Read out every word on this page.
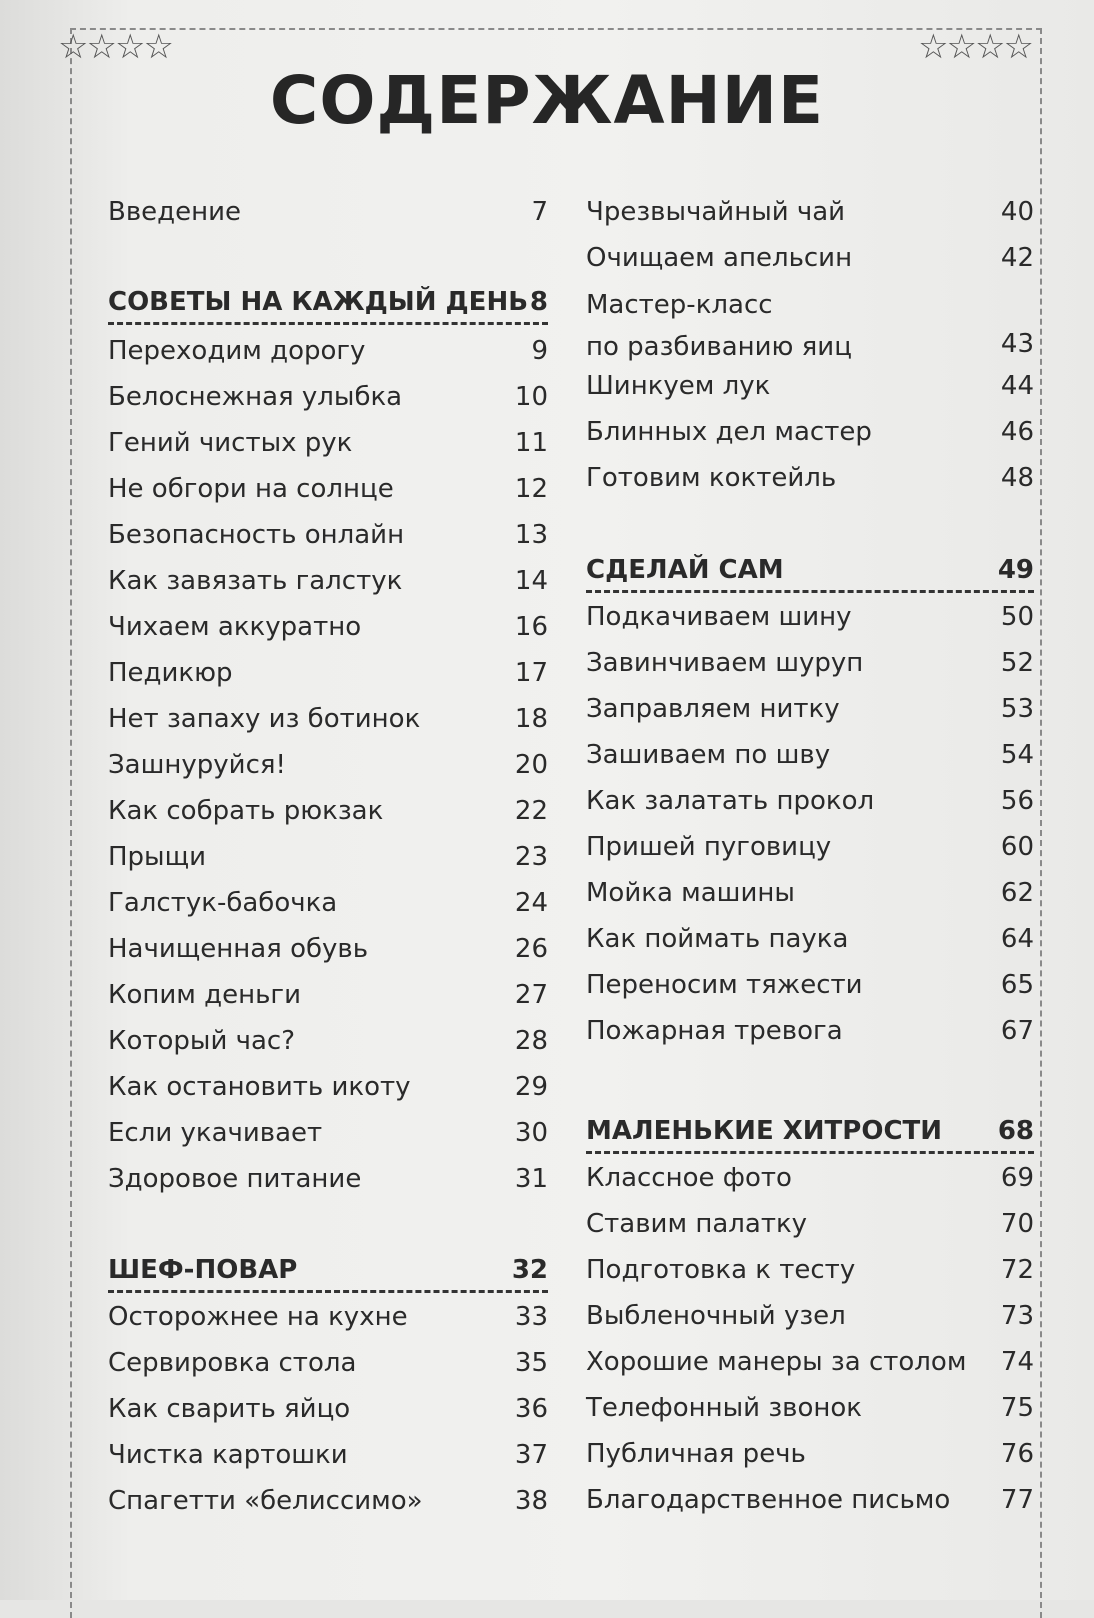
☆☆☆☆	☆☆☆☆
СОДЕРЖАНИЕ
Введение	7
СОВЕТЫ НА КАЖДЫЙ ДЕНЬ 8
Переходим дорогу	9
Белоснежная улыбка	10
Гений чистых рук	11
Не обгори на солнце	12
Безопасность онлайн	13
Как завязать галстук	14
Чихаем аккуратно	16
Педикюр	17
Нет запаху из ботинок	18
Зашнуруйся!	20
Как собрать рюкзак	22
Прыщи	23
Галстук-бабочка	24
Начищенная обувь	26
Копим деньги	27
Который час?	28
Как остановить икоту	29
Если укачивает	30
Здоровое питание	31
ШЕФ-ПОВАР	32
Осторожнее на кухне	33
Сервировка стола	35
Как сварить яйцо	36
Чистка картошки	37
Спагетти «белиссимо»	38
Чрезвычайный чай	40
Очищаем апельсин	42
Мастер-класс
по разбиванию яиц	43
Шинкуем лук	44
Блинных дел мастер	46
Готовим коктейль	48
СДЕЛАЙ САМ	49
Подкачиваем шину	50
Завинчиваем шуруп	52
Заправляем нитку	53
Зашиваем по шву	54
Как залатать прокол	56
Пришей пуговицу	60
Мойка машины	62
Как поймать паука	64
Переносим тяжести	65
Пожарная тревога	67
МАЛЕНЬКИЕ ХИТРОСТИ 68
Классное фото	69
Ставим палатку	70
Подготовка к тесту	72
Выбленочный узел	73
Хорошие манеры за столом 74
Телефонный звонок	75
Публичная речь	76
Благодарственное письмо 77
